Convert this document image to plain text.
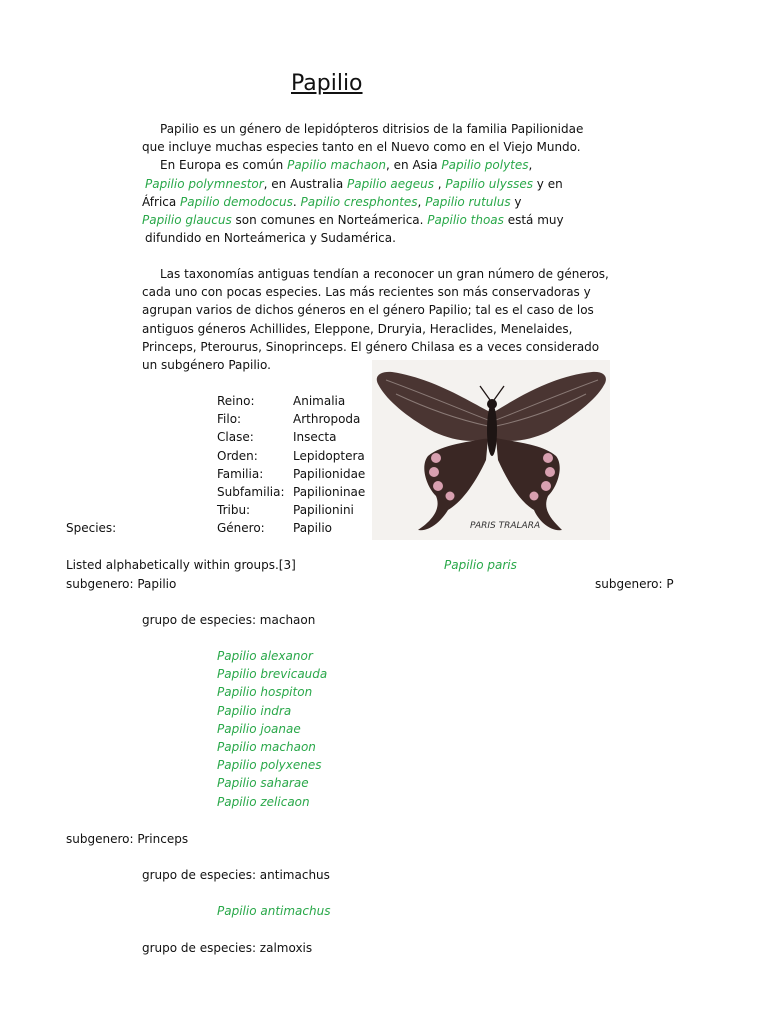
Papilio
Papilio es un género de lepidópteros ditrisios de la familia Papilionidae
que incluye muchas especies tanto en el Nuevo como en el Viejo Mundo.
En Europa es común Papilio machaon, en Asia Papilio polytes,
Papilio polymnestor, en Australia Papilio aegeus , Papilio ulysses y en
África Papilio demodocus. Papilio cresphontes, Papilio rutulus y
Papilio glaucus son comunes en Norteámerica. Papilio thoas está muy
difundido en Norteámerica y Sudamérica.
Las taxonomías antiguas tendían a reconocer un gran número de géneros,
cada uno con pocas especies. Las más recientes son más conservadoras y
agrupan varios de dichos géneros en el género Papilio; tal es el caso de los
antiguos géneros Achillides, Eleppone, Druryia, Heraclides, Menelaides,
Princeps, Pterourus, Sinoprinceps. El género Chilasa es a veces considerado
un subgénero Papilio.
Reino:	Animalia
Filo:	Arthropoda
Clase:	Insecta
Orden:	Lepidoptera
Familia: Papilionidae
Subfamilia: Papilioninae
Tribu:	Papilionini
Género: Papilio	PARIS TRALARA
Species:
Listed alphabetically within groups.[3]	Papilio paris
subgenero: Papilio	subgenero: P
grupo de especies: machaon
Papilio alexanor
Papilio brevicauda
Papilio hospiton
Papilio indra
Papilio joanae
Papilio machaon
Papilio polyxenes
Papilio saharae
Papilio zelicaon
subgenero: Princeps
grupo de especies: antimachus
Papilio antimachus
grupo de especies: zalmoxis
